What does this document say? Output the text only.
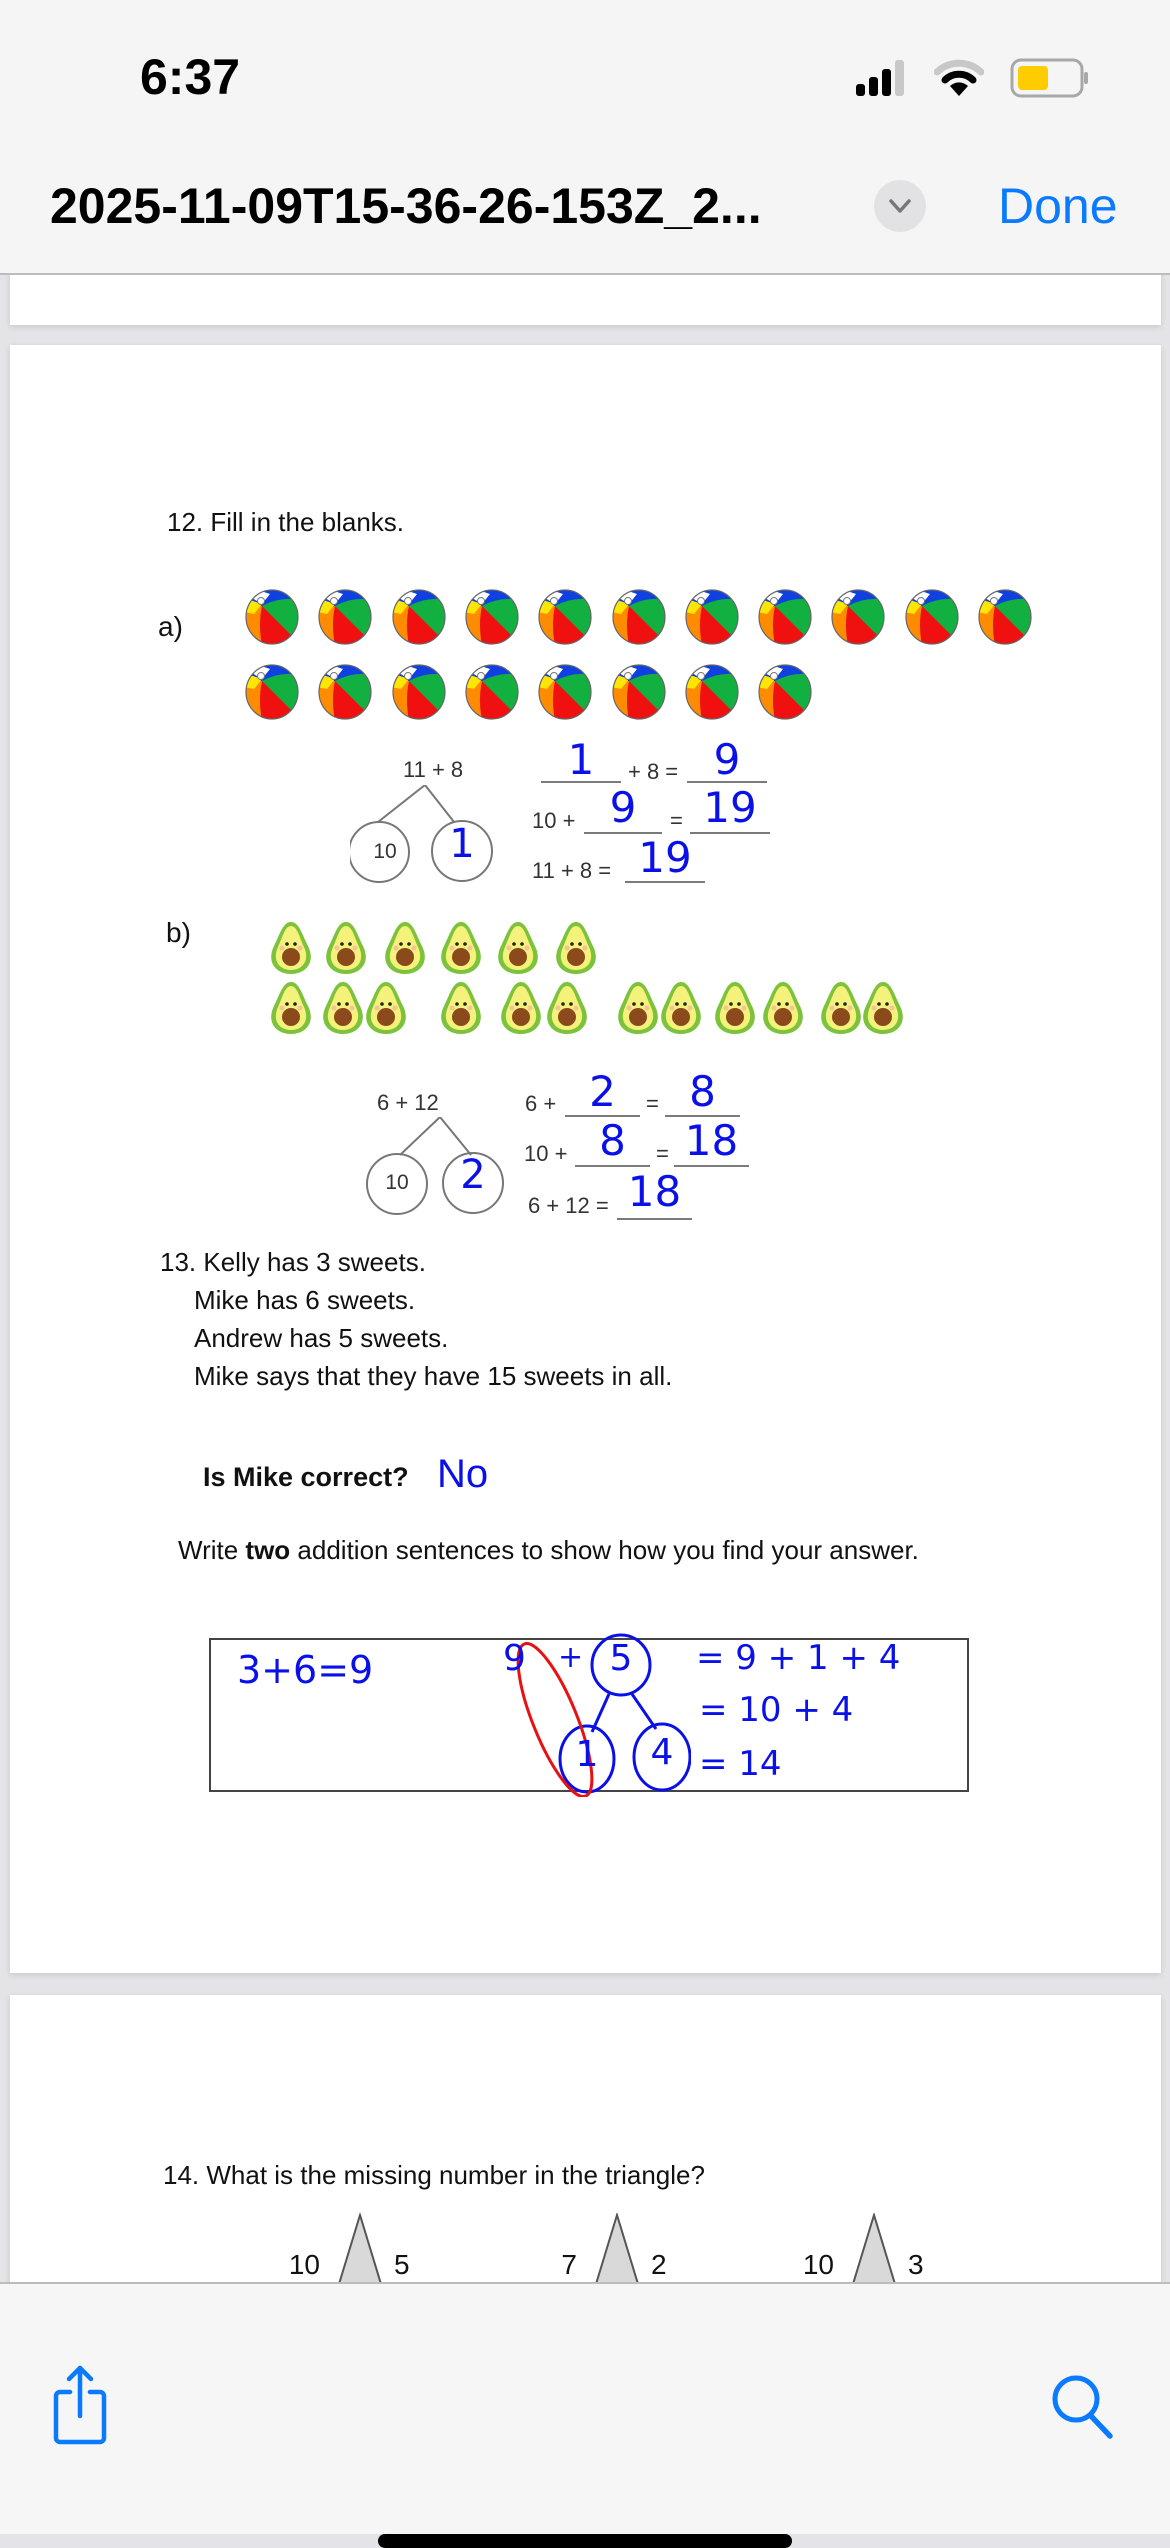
6:37
2025-11-09T15-36-26-153Z_2...	Done
12. Fill in the blanks.
a)
11 + 8
10	1
1	+ 8 = 9
10 + 9	= 19
11 + 8 = 19
b)
6 + 12
10	2
6 + 2	= 8
10 + 8	= 18
6 + 12 = 18
13. Kelly has 3 sweets.
Mike has 6 sweets.
Andrew has 5 sweets.
Mike says that they have 15 sweets in all.
Is Mike correct? No
Write two addition sentences to show how you find your answer.
3+6=9	9 + 5
1 4
= 9 + 1 + 4
= 10 + 4
= 14
14. What is the missing number in the triangle?
10	5	7	2	10	3
